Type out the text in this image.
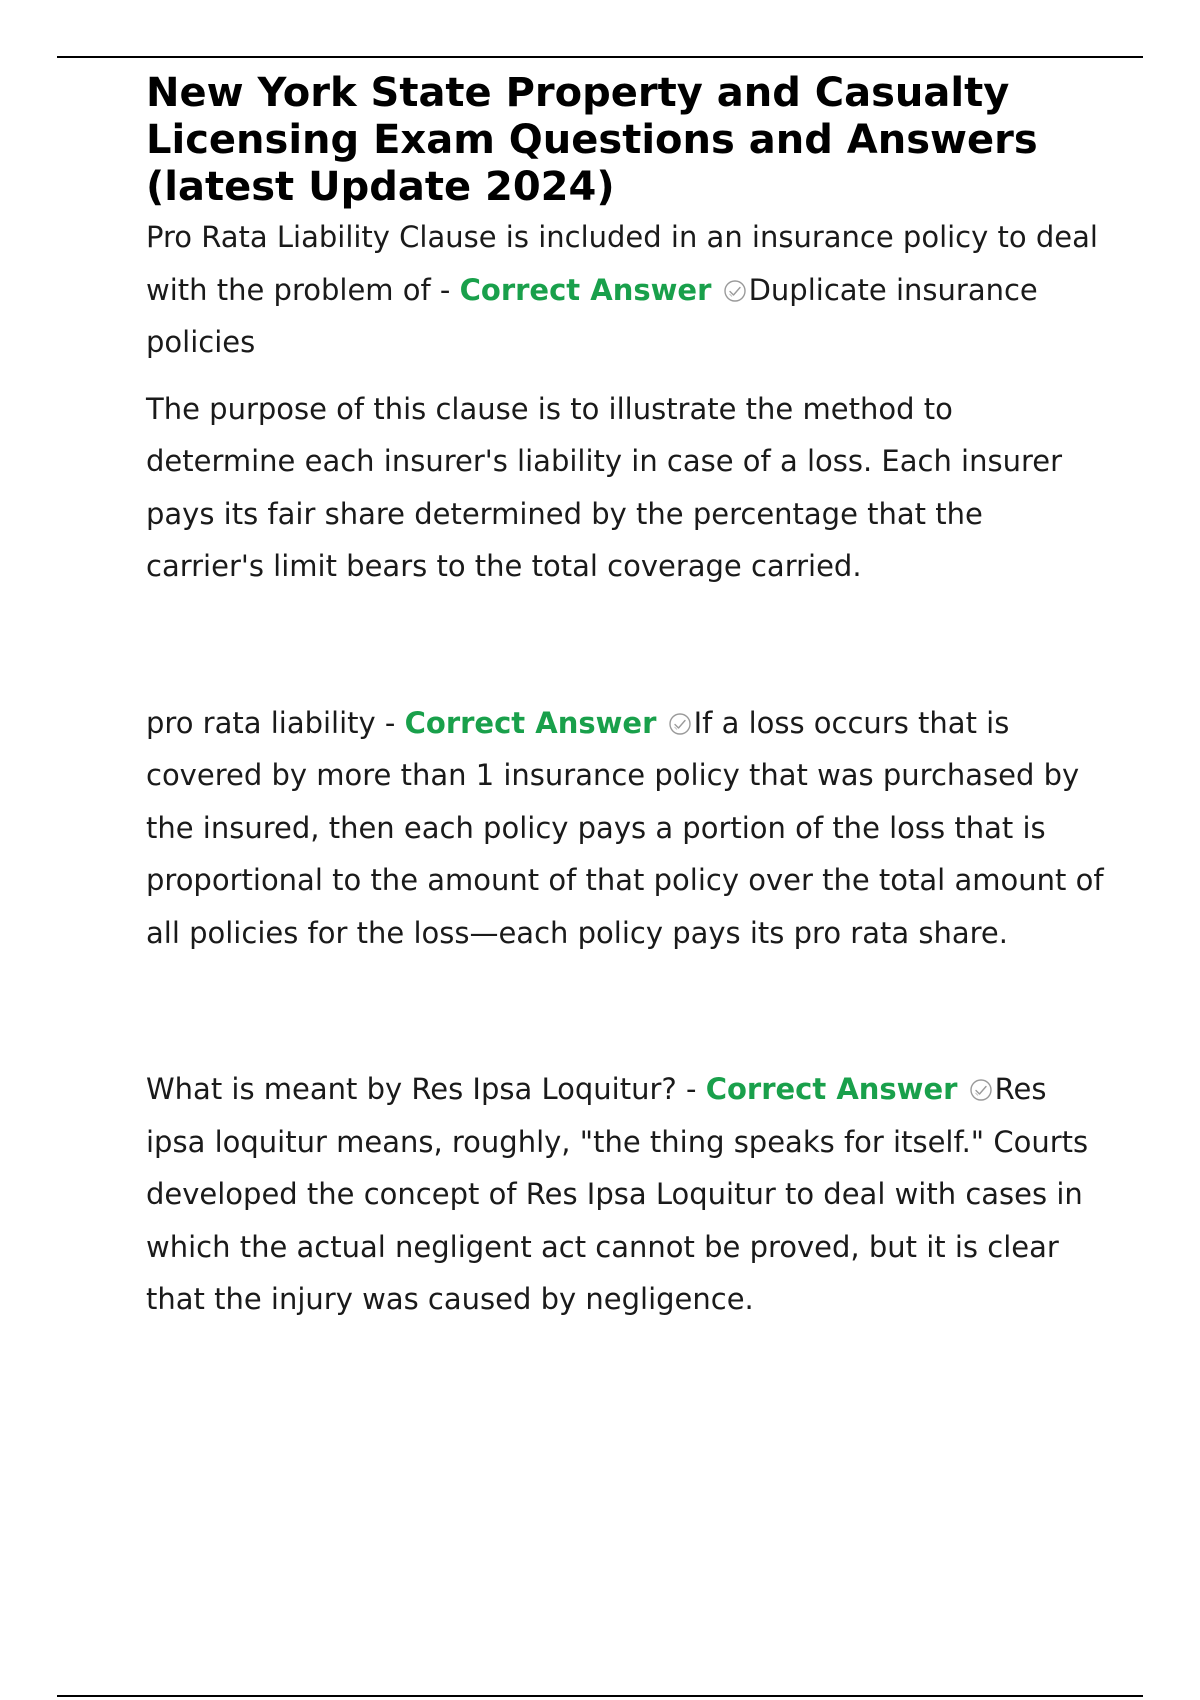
New York State Property and Casualty Licensing Exam Questions and Answers (latest Update 2024)

Pro Rata Liability Clause is included in an insurance policy to deal with the problem of - Correct Answer Duplicate insurance policies

The purpose of this clause is to illustrate the method to determine each insurer's liability in case of a loss. Each insurer pays its fair share determined by the percentage that the carrier's limit bears to the total coverage carried.

pro rata liability - Correct Answer If a loss occurs that is covered by more than 1 insurance policy that was purchased by the insured, then each policy pays a portion of the loss that is proportional to the amount of that policy over the total amount of all policies for the loss—each policy pays its pro rata share.

What is meant by Res Ipsa Loquitur? - Correct Answer Res ipsa loquitur means, roughly, "the thing speaks for itself." Courts developed the concept of Res Ipsa Loquitur to deal with cases in which the actual negligent act cannot be proved, but it is clear that the injury was caused by negligence.
